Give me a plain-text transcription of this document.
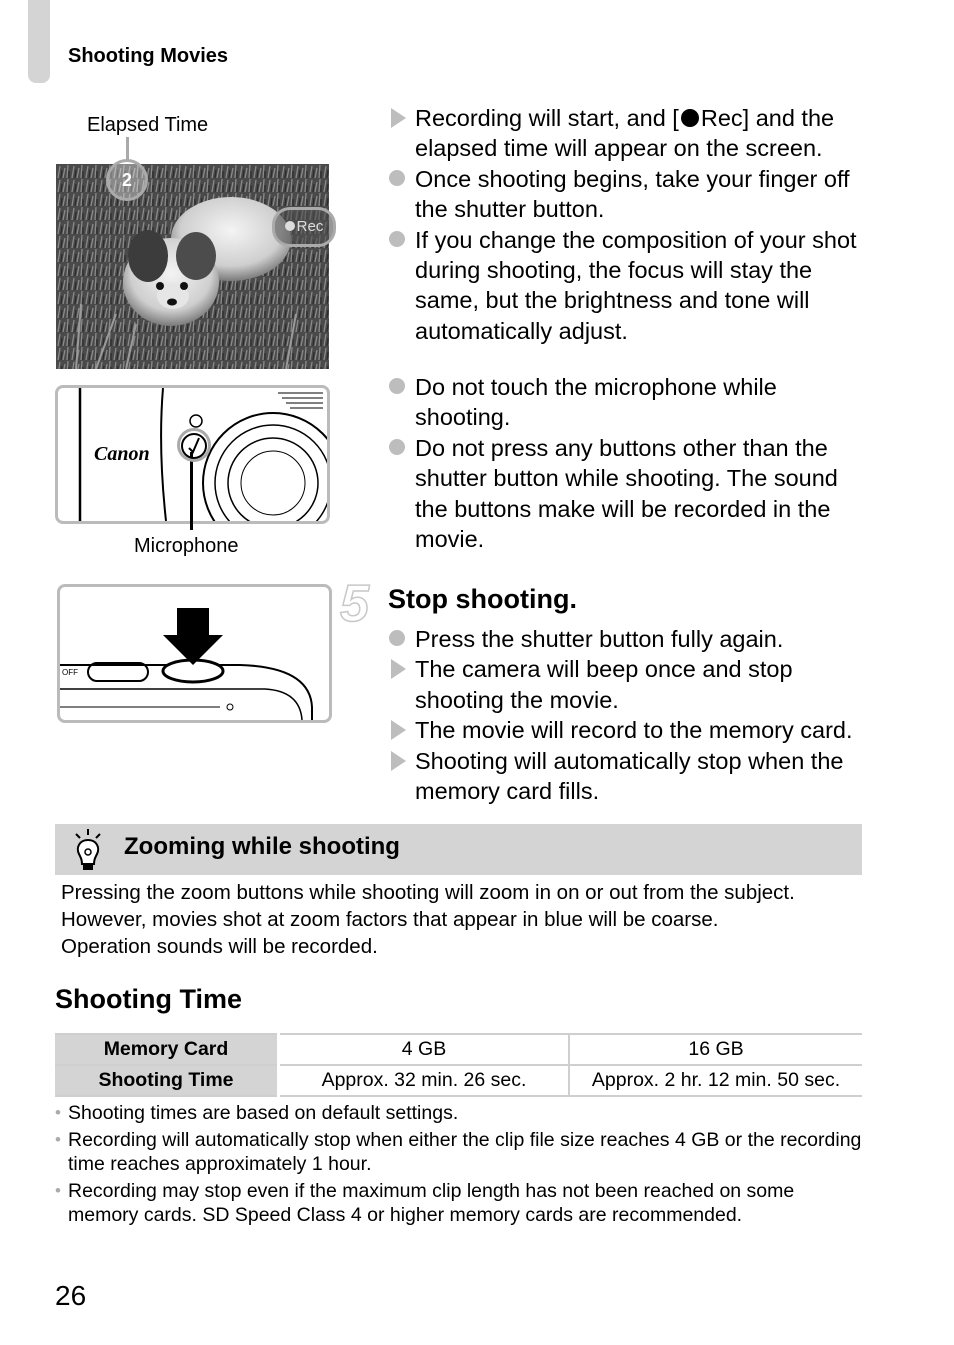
Shooting Movies
Elapsed Time
2
Rec
Recording will start, and [ Rec] and the elapsed time will appear on the screen.
Once shooting begins, take your finger off the shutter button.
If you change the composition of your shot during shooting, the focus will stay the same, but the brightness and tone will automatically adjust.
Canon
Microphone
Do not touch the microphone while shooting.
Do not press any buttons other than the shutter button while shooting. The sound the buttons make will be recorded in the movie.
OFF
5 Stop shooting.
Press the shutter button fully again.
The camera will beep once and stop shooting the movie.
The movie will record to the memory card.
Shooting will automatically stop when the memory card fills.
Zooming while shooting
Pressing the zoom buttons while shooting will zoom in on or out from the subject.
However, movies shot at zoom factors that appear in blue will be coarse.
Operation sounds will be recorded.
Shooting Time
Memory Card	4 GB	16 GB
Shooting Time	Approx. 32 min. 26 sec.	Approx. 2 hr. 12 min. 50 sec.
• Shooting times are based on default settings.
• Recording will automatically stop when either the clip file size reaches 4 GB or the recording time reaches approximately 1 hour.
• Recording may stop even if the maximum clip length has not been reached on some memory cards. SD Speed Class 4 or higher memory cards are recommended.
26
